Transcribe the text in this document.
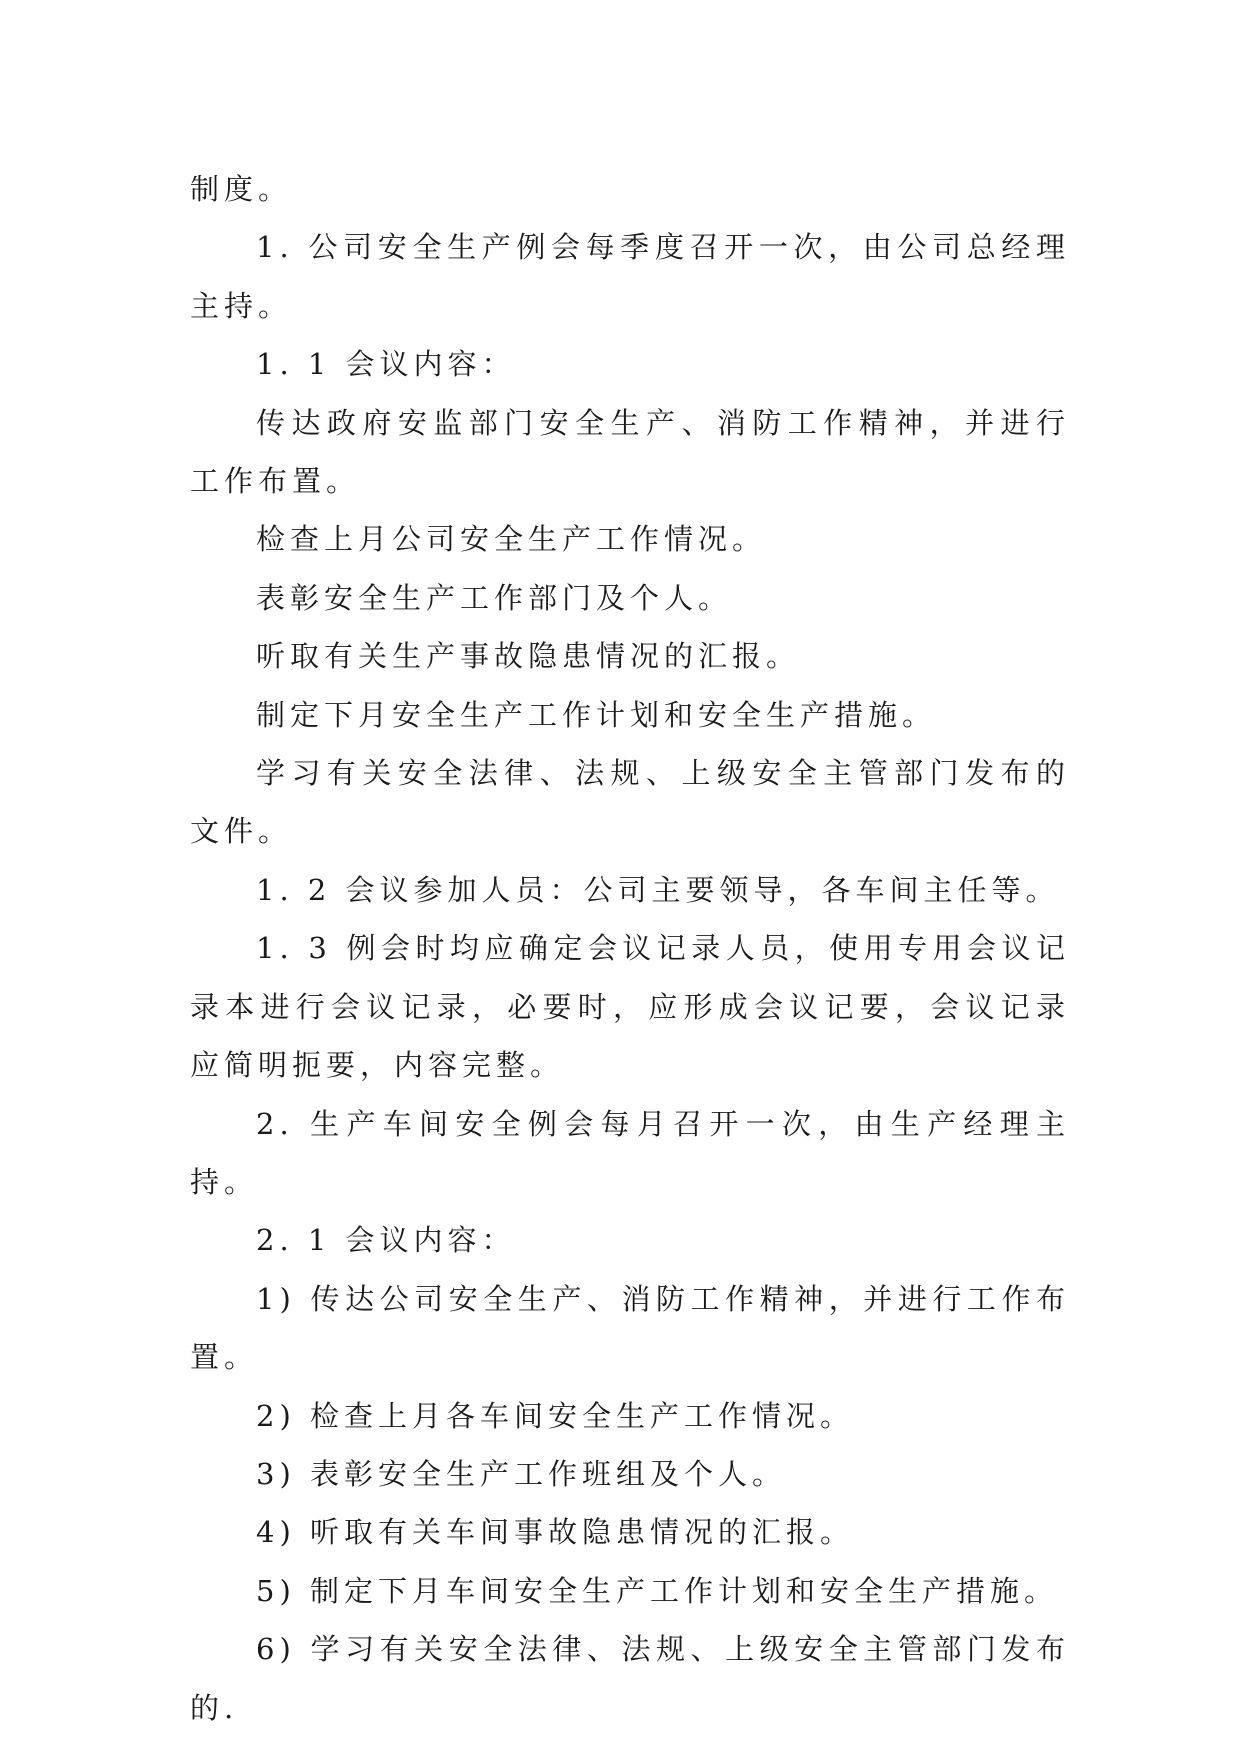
制度。

1. 公司安全生产例会每季度召开一次，由公司总经理主持。

1. 1 会议内容：

传达政府安监部门安全生产、消防工作精神，并进行工作布置。

检查上月公司安全生产工作情况。

表彰安全生产工作部门及个人。

听取有关生产事故隐患情况的汇报。

制定下月安全生产工作计划和安全生产措施。

学习有关安全法律、法规、上级安全主管部门发布的文件。

1. 2 会议参加人员：公司主要领导，各车间主任等。

1. 3 例会时均应确定会议记录人员，使用专用会议记录本进行会议记录，必要时，应形成会议记要，会议记录应简明扼要，内容完整。

2. 生产车间安全例会每月召开一次，由生产经理主持。

2. 1 会议内容：

1) 传达公司安全生产、消防工作精神，并进行工作布置。

2) 检查上月各车间安全生产工作情况。

3) 表彰安全生产工作班组及个人。

4) 听取有关车间事故隐患情况的汇报。

5) 制定下月车间安全生产工作计划和安全生产措施。

6) 学习有关安全法律、法规、上级安全主管部门发布的.
